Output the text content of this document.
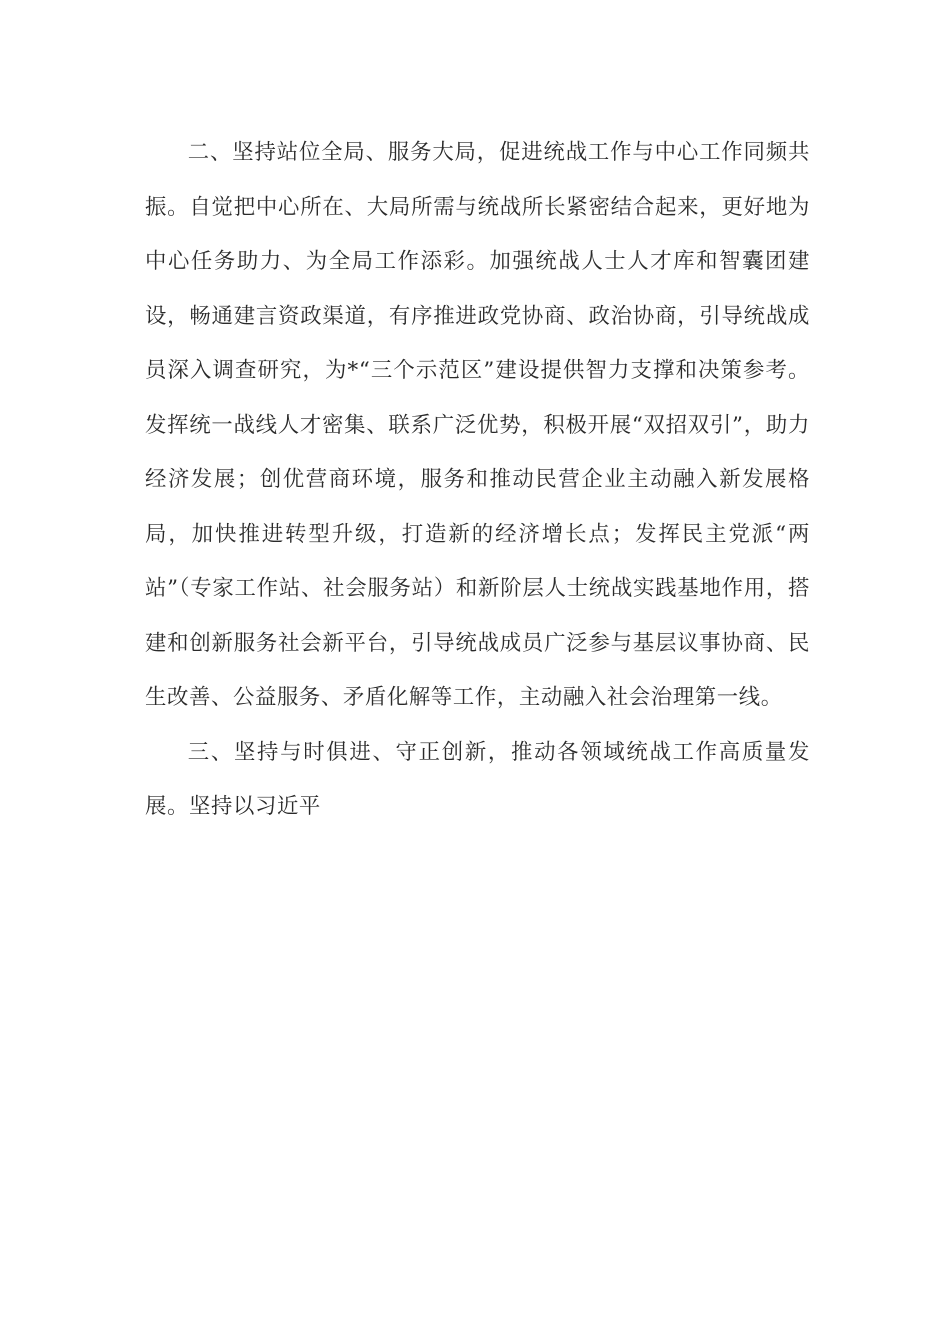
二、坚持站位全局、服务大局，促进统战工作与中心工作同频共振。自觉把中心所在、大局所需与统战所长紧密结合起来，更好地为中心任务助力、为全局工作添彩。加强统战人士人才库和智囊团建设，畅通建言资政渠道，有序推进政党协商、政治协商，引导统战成员深入调查研究，为*“三个示范区”建设提供智力支撑和决策参考。发挥统一战线人才密集、联系广泛优势，积极开展“双招双引”，助力经济发展；创优营商环境，服务和推动民营企业主动融入新发展格局，加快推进转型升级，打造新的经济增长点；发挥民主党派“两站”（专家工作站、社会服务站）和新阶层人士统战实践基地作用，搭建和创新服务社会新平台，引导统战成员广泛参与基层议事协商、民生改善、公益服务、矛盾化解等工作，主动融入社会治理第一线。

三、坚持与时俱进、守正创新，推动各领域统战工作高质量发展。坚持以习近平
